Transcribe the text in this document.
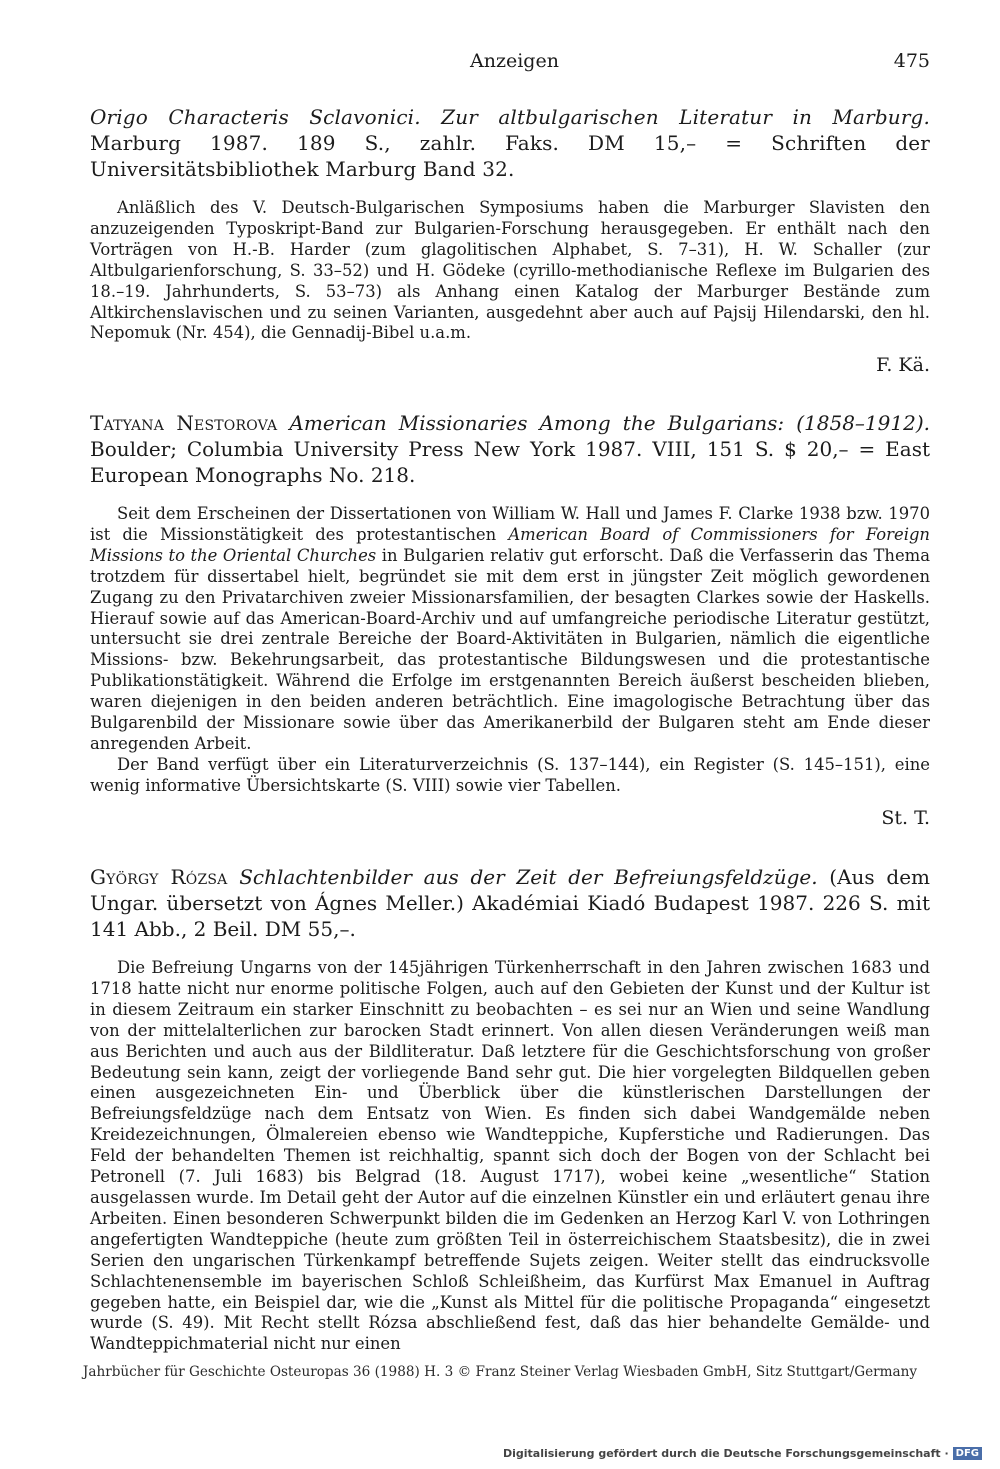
Anzeigen	475

Origo Characteris Sclavonici. Zur altbulgarischen Literatur in Marburg. Marburg 1987. 189 S., zahlr. Faks. DM 15,– = Schriften der Universitätsbibliothek Marburg Band 32.

Anläßlich des V. Deutsch-Bulgarischen Symposiums haben die Marburger Slavisten den anzuzeigenden Typoskript-Band zur Bulgarien-Forschung herausgegeben. Er enthält nach den Vorträgen von H.-B. Harder (zum glagolitischen Alphabet, S. 7–31), H. W. Schaller (zur Altbulgarienforschung, S. 33–52) und H. Gödeke (cyrillo-methodianische Reflexe im Bulgarien des 18.–19. Jahrhunderts, S. 53–73) als Anhang einen Katalog der Marburger Bestände zum Altkirchenslavischen und zu seinen Varianten, ausgedehnt aber auch auf Pajsij Hilendarski, den hl. Nepomuk (Nr. 454), die Gennadij-Bibel u.a.m.

F. Kä.

Tatyana Nestorova American Missionaries Among the Bulgarians: (1858–1912). Boulder; Columbia University Press New York 1987. VIII, 151 S. $ 20,– = East European Monographs No. 218.

Seit dem Erscheinen der Dissertationen von William W. Hall und James F. Clarke 1938 bzw. 1970 ist die Missionstätigkeit des protestantischen American Board of Commissioners for Foreign Missions to the Oriental Churches in Bulgarien relativ gut erforscht. Daß die Verfasserin das Thema trotzdem für dissertabel hielt, begründet sie mit dem erst in jüngster Zeit möglich gewordenen Zugang zu den Privatarchiven zweier Missionarsfamilien, der besagten Clarkes sowie der Haskells. Hierauf sowie auf das American-Board-Archiv und auf umfangreiche periodische Literatur gestützt, untersucht sie drei zentrale Bereiche der Board-Aktivitäten in Bulgarien, nämlich die eigentliche Missions- bzw. Bekehrungsarbeit, das protestantische Bildungswesen und die protestantische Publikationstätigkeit. Während die Erfolge im erstgenannten Bereich äußerst bescheiden blieben, waren diejenigen in den beiden anderen beträchtlich. Eine imagologische Betrachtung über das Bulgarenbild der Missionare sowie über das Amerikanerbild der Bulgaren steht am Ende dieser anregenden Arbeit.

Der Band verfügt über ein Literaturverzeichnis (S. 137–144), ein Register (S. 145–151), eine wenig informative Übersichtskarte (S. VIII) sowie vier Tabellen.

St. T.

György Rózsa Schlachtenbilder aus der Zeit der Befreiungsfeldzüge. (Aus dem Ungar. übersetzt von Ágnes Meller.) Akadémiai Kiadó Budapest 1987. 226 S. mit 141 Abb., 2 Beil. DM 55,–.

Die Befreiung Ungarns von der 145jährigen Türkenherrschaft in den Jahren zwischen 1683 und 1718 hatte nicht nur enorme politische Folgen, auch auf den Gebieten der Kunst und der Kultur ist in diesem Zeitraum ein starker Einschnitt zu beobachten – es sei nur an Wien und seine Wandlung von der mittelalterlichen zur barocken Stadt erinnert. Von allen diesen Veränderungen weiß man aus Berichten und auch aus der Bildliteratur. Daß letztere für die Geschichtsforschung von großer Bedeutung sein kann, zeigt der vorliegende Band sehr gut. Die hier vorgelegten Bildquellen geben einen ausgezeichneten Ein- und Überblick über die künstlerischen Darstellungen der Befreiungsfeldzüge nach dem Entsatz von Wien. Es finden sich dabei Wandgemälde neben Kreidezeichnungen, Ölmalereien ebenso wie Wandteppiche, Kupferstiche und Radierungen. Das Feld der behandelten Themen ist reichhaltig, spannt sich doch der Bogen von der Schlacht bei Petronell (7. Juli 1683) bis Belgrad (18. August 1717), wobei keine „wesentliche“ Station ausgelassen wurde. Im Detail geht der Autor auf die einzelnen Künstler ein und erläutert genau ihre Arbeiten. Einen besonderen Schwerpunkt bilden die im Gedenken an Herzog Karl V. von Lothringen angefertigten Wandteppiche (heute zum größten Teil in österreichischem Staatsbesitz), die in zwei Serien den ungarischen Türkenkampf betreffende Sujets zeigen. Weiter stellt das eindrucksvolle Schlachtenensemble im bayerischen Schloß Schleißheim, das Kurfürst Max Emanuel in Auftrag gegeben hatte, ein Beispiel dar, wie die „Kunst als Mittel für die politische Propaganda“ eingesetzt wurde (S. 49). Mit Recht stellt Rózsa abschließend fest, daß das hier behandelte Gemälde- und Wandteppichmaterial nicht nur einen

Jahrbücher für Geschichte Osteuropas 36 (1988) H. 3 © Franz Steiner Verlag Wiesbaden GmbH, Sitz Stuttgart/Germany
Digitalisierung gefördert durch die Deutsche Forschungsgemeinschaft · DFG
